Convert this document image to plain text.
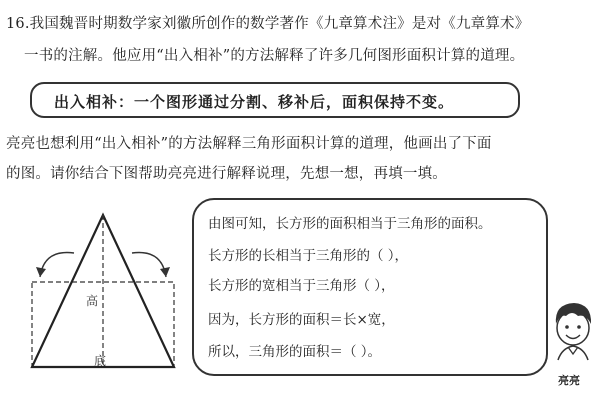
16.我国魏晋时期数学家刘徽所创作的数学著作《九章算术注》是对《九章算术》
一书的注解。他应用“出入相补”的方法解释了许多几何图形面积计算的道理。
出入相补：一个图形通过分割、移补后，面积保持不变。
亮亮也想利用“出入相补”的方法解释三角形面积计算的道理，他画出了下面
的图。请你结合下图帮助亮亮进行解释说理，先想一想，再填一填。
高
底
由图可知，长方形的面积相当于三角形的面积。
长方形的长相当于三角形的（ ），
长方形的宽相当于三角形（ ），
因为，长方形的面积＝长×宽，
所以，三角形的面积＝（ ）。
亮亮
